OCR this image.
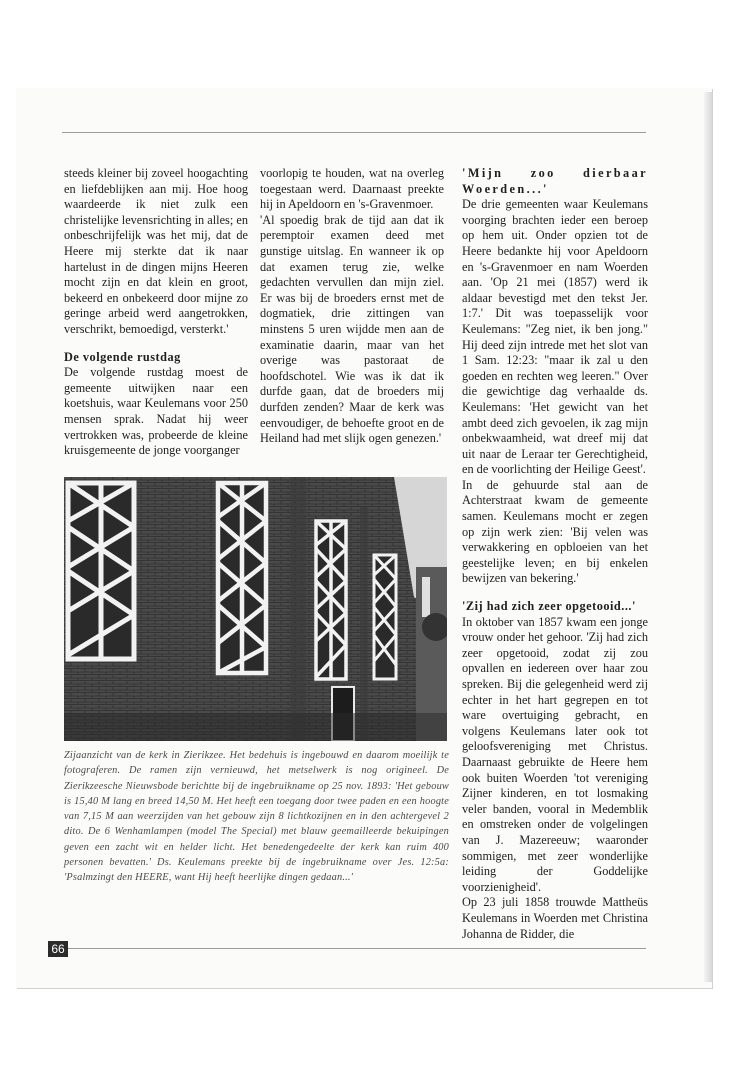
steeds kleiner bij zoveel hoogachting en liefdeblijken aan mij. Hoe hoog waardeerde ik niet zulk een christelijke levensrichting in alles; en onbeschrijfelijk was het mij, dat de Heere mij sterkte dat ik naar hartelust in de dingen mijns Heeren mocht zijn en dat klein en groot, bekeerd en onbekeerd door mijne zo geringe arbeid werd aangetrokken, verschrikt, bemoedigd, versterkt.'

De volgende rustdag

De volgende rustdag moest de gemeente uitwijken naar een koetshuis, waar Keulemans voor 250 mensen sprak. Nadat hij weer vertrokken was, probeerde de kleine kruisgemeente de jonge voorganger

voorlopig te houden, wat na overleg toegestaan werd. Daarnaast preekte hij in Apeldoorn en 's-Gravenmoer.

'Al spoedig brak de tijd aan dat ik peremptoir examen deed met gunstige uitslag. En wanneer ik op dat examen terug zie, welke gedachten vervullen dan mijn ziel. Er was bij de broeders ernst met de dogmatiek, drie zittingen van minstens 5 uren wijdde men aan de examinatie daarin, maar van het overige was pastoraat de hoofdschotel. Wie was ik dat ik durfde gaan, dat de broeders mij durfden zenden? Maar de kerk was eenvoudiger, de behoefte groot en de Heiland had met slijk ogen genezen.'

'Mijn zoo dierbaar Woerden...'

De drie gemeenten waar Keulemans voorging brachten ieder een beroep op hem uit. Onder opzien tot de Heere bedankte hij voor Apeldoorn en 's-Gravenmoer en nam Woerden aan. 'Op 21 mei (1857) werd ik aldaar bevestigd met den tekst Jer. 1:7.' Dit was toepasselijk voor Keulemans: "Zeg niet, ik ben jong." Hij deed zijn intrede met het slot van 1 Sam. 12:23: "maar ik zal u den goeden en rechten weg leeren." Over die gewichtige dag verhaalde ds. Keulemans: 'Het gewicht van het ambt deed zich gevoelen, ik zag mijn onbekwaamheid, wat dreef mij dat uit naar de Leraar ter Gerechtigheid, en de voorlichting der Heilige Geest'.

In de gehuurde stal aan de Achterstraat kwam de gemeente samen. Keulemans mocht er zegen op zijn werk zien: 'Bij velen was verwakkering en opbloeien van het geestelijke leven; en bij enkelen bewijzen van bekering.'

'Zij had zich zeer opgetooid...'

In oktober van 1857 kwam een jonge vrouw onder het gehoor. 'Zij had zich zeer opgetooid, zodat zij zou opvallen en iedereen over haar zou spreken. Bij die gelegenheid werd zij echter in het hart gegrepen en tot ware overtuiging gebracht, en volgens Keulemans later ook tot geloofsvereniging met Christus. Daarnaast gebruikte de Heere hem ook buiten Woerden 'tot vereniging Zijner kinderen, en tot losmaking veler banden, vooral in Medemblik en omstreken onder de volgelingen van J. Mazereeuw; waaronder sommigen, met zeer wonderlijke leiding der Goddelijke voorzienigheid'.

Op 23 juli 1858 trouwde Mattheüs Keulemans in Woerden met Christina Johanna de Ridder, die

Zijaanzicht van de kerk in Zierikzee. Het bedehuis is ingebouwd en daarom moeilijk te fotograferen. De ramen zijn vernieuwd, het metselwerk is nog origineel. De Zierikzeesche Nieuwsbode berichtte bij de ingebruikname op 25 nov. 1893: 'Het gebouw is 15,40 M lang en breed 14,50 M. Het heeft een toegang door twee paden en een hoogte van 7,15 M aan weerzijden van het gebouw zijn 8 lichtkozijnen en in den achtergevel 2 dito. De 6 Wenhamlampen (model The Special) met blauw geemailleerde bekuipingen geven een zacht wit en helder licht. Het benedengedeelte der kerk kan ruim 400 personen bevatten.' Ds. Keulemans preekte bij de ingebruikname over Jes. 12:5a: 'Psalmzingt den HEERE, want Hij heeft heerlijke dingen gedaan...'
66
